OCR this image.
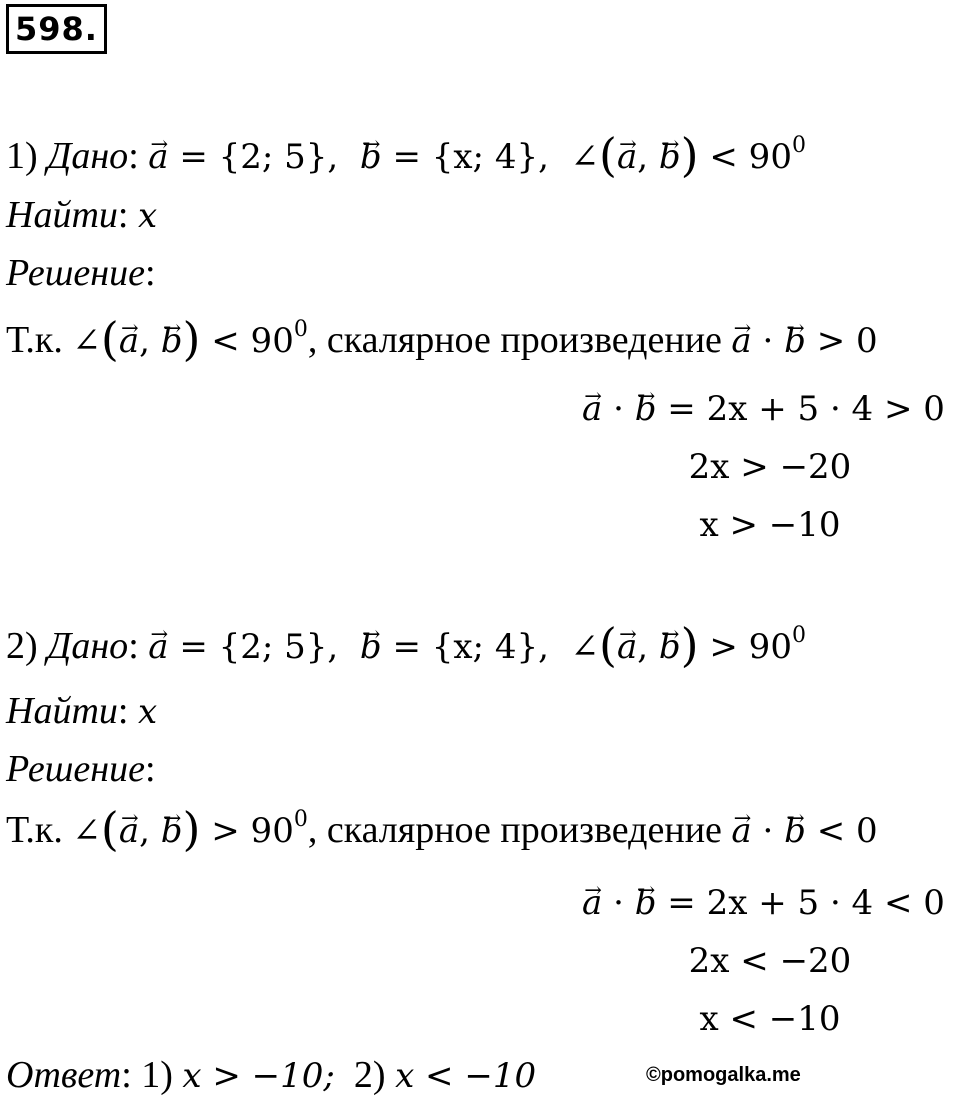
598.
1) Дано: → a = {2; 5}, → b = {x; 4},  ∠(→ a, → $b) < 90^0$
Найти: x
Решение:
Т.к. ∠(→ a, → $b) < 90^0$, скалярное произведение → a · → b > 0
→ a · → b = 2x + 5 · 4 > 0
2x > −20
x > −10
2) Дано: → a = {2; 5}, → b = {x; 4},  ∠(→ a, → $b) > 90^0$
Найти: x
Решение:
Т.к. ∠(→ a, → $b) > 90^0$, скалярное произведение → a · → b < 0
→ a · → b = 2x + 5 · 4 < 0
2x < −20
x < −10
Ответ: 1) x > −10; 2) x < −10	©pomogalka.me
